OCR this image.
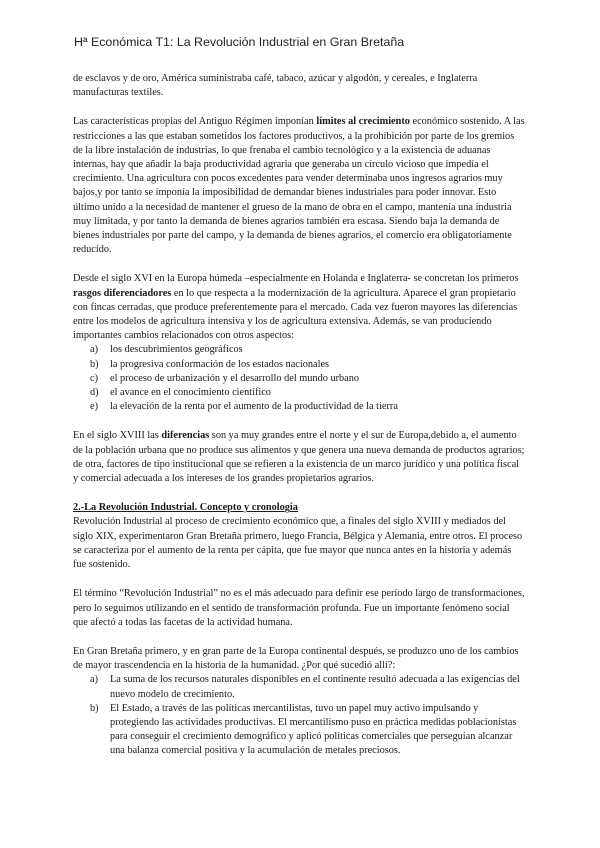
Hª Económica T1: La Revolución Industrial en Gran Bretaña

de esclavos y de oro, América suministraba café, tabaco, azúcar y algodón, y cereales, e Inglaterra manufacturas textiles.

Las características propias del Antiguo Régimen imponían límites al crecimiento económico sostenido. A las restricciones a las que estaban sometidos los factores productivos, a la prohibición por parte de los gremios de la libre instalación de industrias, lo que frenaba el cambio tecnológico y a la existencia de aduanas internas, hay que añadir la baja productividad agraria que generaba un círculo vicioso que impedía el crecimiento. Una agricultura con pocos excedentes para vender determinaba unos ingresos agrarios muy bajos,y por tanto se imponía la imposibilidad de demandar bienes industriales para poder innovar. Esto último unido a la necesidad de mantener el grueso de la mano de obra en el campo, mantenía una industria muy limitada, y por tanto la demanda de bienes agrarios también era escasa. Siendo baja la demanda de bienes industriales por parte del campo, y la demanda de bienes agrarios, el comercio era obligatoriamente reducido.

Desde el siglo XVI en la Europa húmeda –especialmente en Holanda e Inglaterra- se concretan los primeros rasgos diferenciadores en lo que respecta a la modernización de la agricultura. Aparece el gran propietario con fincas cerradas, que produce preferentemente para el mercado. Cada vez fueron mayores las diferencias entre los modelos de agricultura intensiva y los de agricultura extensiva. Además, se van produciendo importantes cambios relacionados con otros aspectos:

a) los descubrimientos geográficos
b) la progresiva conformación de los estados nacionales
c) el proceso de urbanización y el desarrollo del mundo urbano
d) el avance en el conocimiento científico
e) la elevación de la renta por el aumento de la productividad de la tierra

En el siglo XVIII las diferencias son ya muy grandes entre el norte y el sur de Europa,debido a, el aumento de la población urbana que no produce sus alimentos y que genera una nueva demanda de productos agrarios; de otra, factores de tipo institucional que se refieren a la existencia de un marco jurídico y una política fiscal y comercial adecuada a los intereses de los grandes propietarios agrarios.

2.-La Revolución Industrial. Concepto y cronología

Revolución Industrial al proceso de crecimiento económico que, a finales del siglo XVIII y mediados del siglo XIX, experimentaron Gran Bretaña primero, luego Francia, Bélgica y Alemania, entre otros. El proceso se caracteriza por el aumento de la renta per cápita, que fue mayor que nunca antes en la historia y además fue sostenido.

El término “Revolución Industrial” no es el más adecuado para definir ese período largo de transformaciones, pero lo seguimos utilizando en el sentido de transformación profunda. Fue un importante fenómeno social que afectó a todas las facetas de la actividad humana.

En Gran Bretaña primero, y en gran parte de la Europa continental después, se produzco uno de los cambios de mayor trascendencia en la historia de la humanidad. ¿Por qué sucedió allí?:

a) La suma de los recursos naturales disponibles en el continente resultó adecuada a las exigencias del nuevo modelo de crecimiento.
b) El Estado, a través de las políticas mercantilistas, tuvo un papel muy activo impulsando y protegiendo las actividades productivas. El mercantilismo puso en práctica medidas poblacionistas para conseguir el crecimiento demográfico y aplicó políticas comerciales que perseguían alcanzar una balanza comercial positiva y la acumulación de metales preciosos.
